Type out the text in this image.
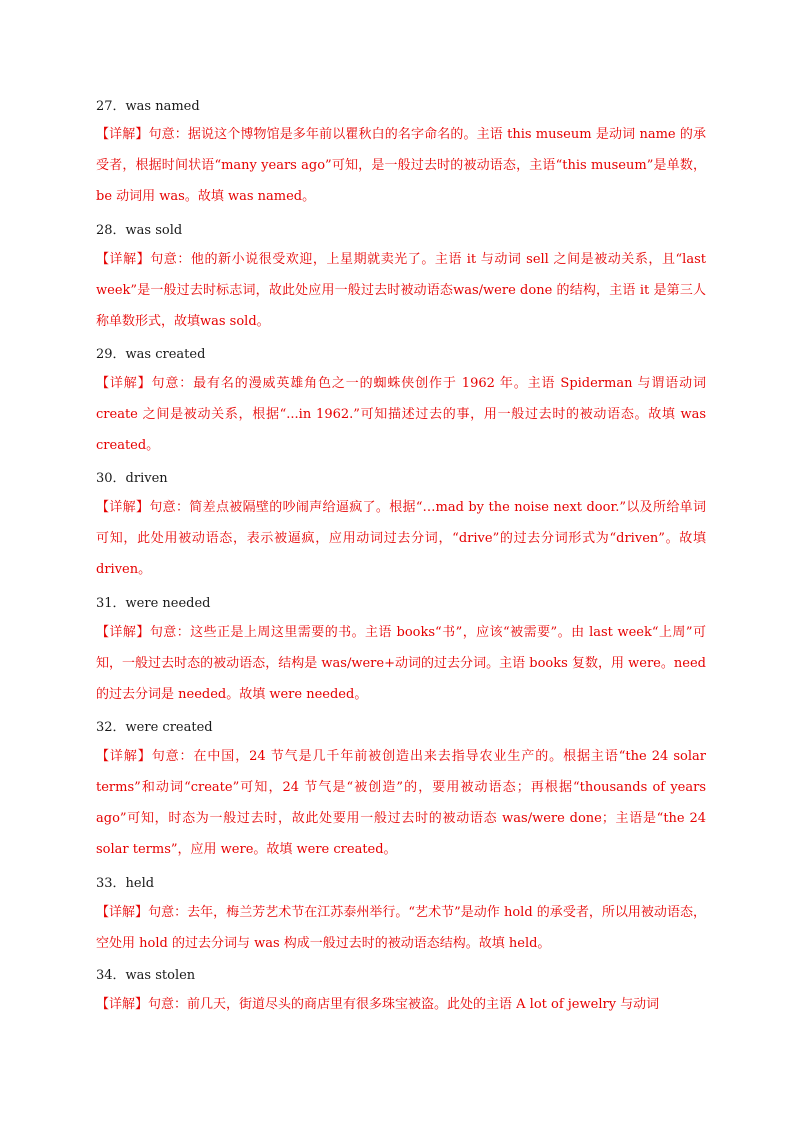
27．was named
【详解】句意：据说这个博物馆是多年前以瞿秋白的名字命名的。主语 this museum 是动词 name 的承受者，根据时间状语“many years ago”可知，是一般过去时的被动语态，主语“this museum”是单数，be 动词用 was。故填 was named。
28．was sold
【详解】句意：他的新小说很受欢迎，上星期就卖光了。主语 it 与动词 sell 之间是被动关系，且“last week”是一般过去时标志词，故此处应用一般过去时被动语态was/were done 的结构，主语 it 是第三人称单数形式，故填was sold。
29．was created
【详解】句意：最有名的漫威英雄角色之一的蜘蛛侠创作于 1962 年。主语 Spiderman 与谓语动词 create 之间是被动关系，根据“...in 1962.”可知描述过去的事，用一般过去时的被动语态。故填 was created。
30．driven
【详解】句意：简差点被隔壁的吵闹声给逼疯了。根据“…mad by the noise next door.”以及所给单词可知，此处用被动语态，表示被逼疯，应用动词过去分词，“drive”的过去分词形式为“driven”。故填 driven。
31．were needed
【详解】句意：这些正是上周这里需要的书。主语 books“书”，应该“被需要”。由 last week“上周”可知，一般过去时态的被动语态，结构是 was/were+动词的过去分词。主语 books 复数，用 were。need 的过去分词是 needed。故填 were needed。
32．were created
【详解】句意：在中国，24 节气是几千年前被创造出来去指导农业生产的。根据主语“the 24 solar terms”和动词“create”可知，24 节气是“被创造”的，要用被动语态；再根据“thousands of years ago”可知，时态为一般过去时，故此处要用一般过去时的被动语态 was/were done；主语是“the 24 solar terms”，应用 were。故填 were created。
33．held
【详解】句意：去年，梅兰芳艺术节在江苏泰州举行。“艺术节”是动作 hold 的承受者，所以用被动语态，空处用 hold 的过去分词与 was 构成一般过去时的被动语态结构。故填 held。
34．was stolen
【详解】句意：前几天，街道尽头的商店里有很多珠宝被盗。此处的主语 A lot of jewelry 与动词
